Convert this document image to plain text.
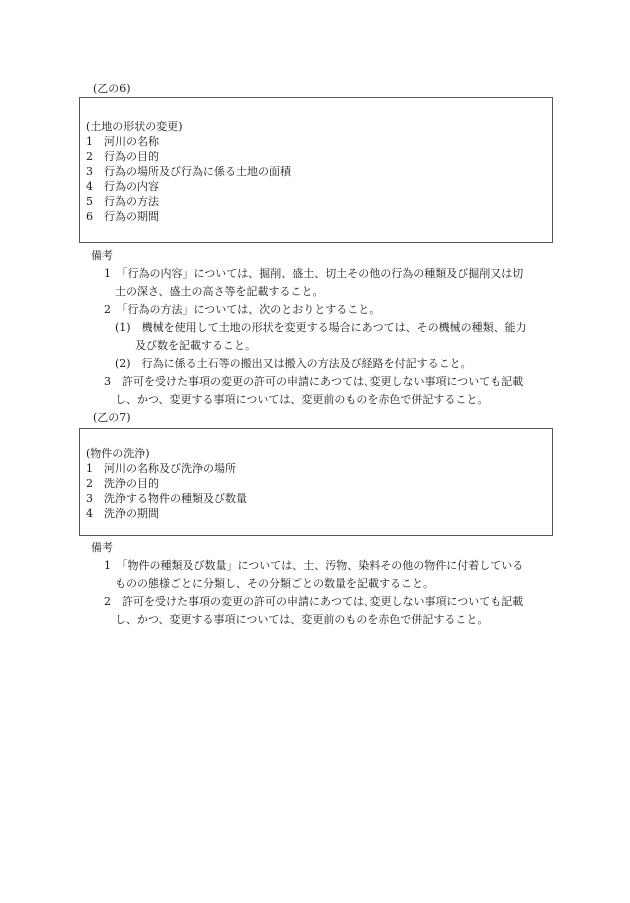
(乙の6)
(土地の形状の変更)
1　河川の名称
2　行為の目的
3　行為の場所及び行為に係る土地の面積
4　行為の内容
5　行為の方法
6　行為の期間
備考
1　「行為の内容」については、掘削、盛土、切土その他の行為の種類及び掘削又は切
土の深さ、盛土の高さ等を記載すること。
2　「行為の方法」については、次のとおりとすること。
(1)　機械を使用して土地の形状を変更する場合にあつては、その機械の種類、能力
及び数を記載すること。
(2)　行為に係る土石等の搬出又は搬入の方法及び経路を付記すること。
3　許可を受けた事項の変更の許可の申請にあつては､変更しない事項についても記載
し、かつ、変更する事項については、変更前のものを赤色で併記すること。
(乙の7)
(物件の洗浄)
1　河川の名称及び洗浄の場所
2　洗浄の目的
3　洗浄する物件の種類及び数量
4　洗浄の期間
備考
1　「物件の種類及び数量」については、土、汚物、染料その他の物件に付着している
ものの態様ごとに分類し、その分類ごとの数量を記載すること。
2　許可を受けた事項の変更の許可の申請にあつては､変更しない事項についても記載
し、かつ、変更する事項については、変更前のものを赤色で併記すること。
